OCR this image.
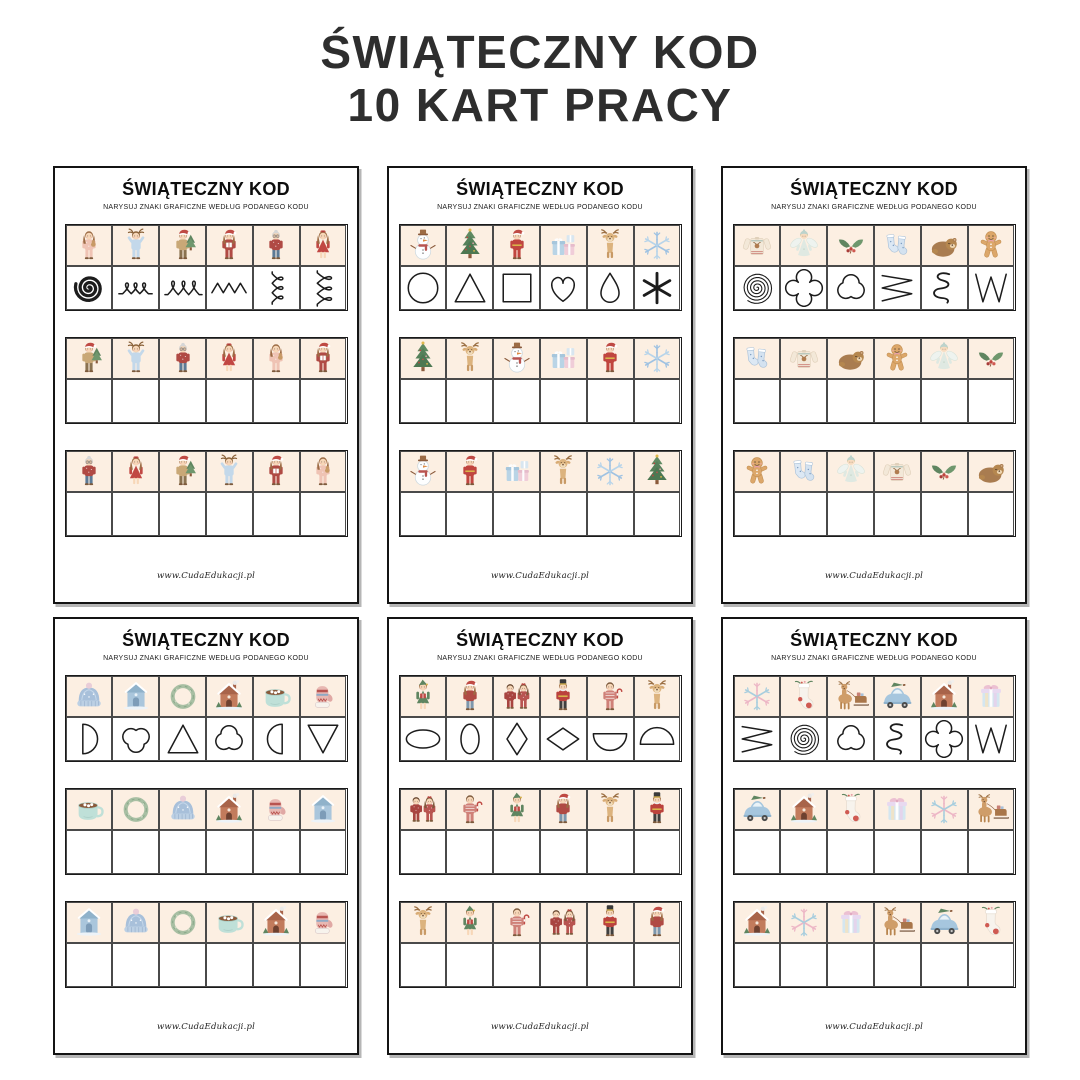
ŚWIĄTECZNY KOD
10 KART PRACY
ŚWIĄTECZNY KOD
NARYSUJ ZNAKI GRAFICZNE WEDŁUG PODANEGO KODU
www.CudaEdukacji.pl
ŚWIĄTECZNY KOD
NARYSUJ ZNAKI GRAFICZNE WEDŁUG PODANEGO KODU
www.CudaEdukacji.pl
ŚWIĄTECZNY KOD
NARYSUJ ZNAKI GRAFICZNE WEDŁUG PODANEGO KODU
www.CudaEdukacji.pl
ŚWIĄTECZNY KOD
NARYSUJ ZNAKI GRAFICZNE WEDŁUG PODANEGO KODU
www.CudaEdukacji.pl
ŚWIĄTECZNY KOD
NARYSUJ ZNAKI GRAFICZNE WEDŁUG PODANEGO KODU
www.CudaEdukacji.pl
ŚWIĄTECZNY KOD
NARYSUJ ZNAKI GRAFICZNE WEDŁUG PODANEGO KODU
www.CudaEdukacji.pl
